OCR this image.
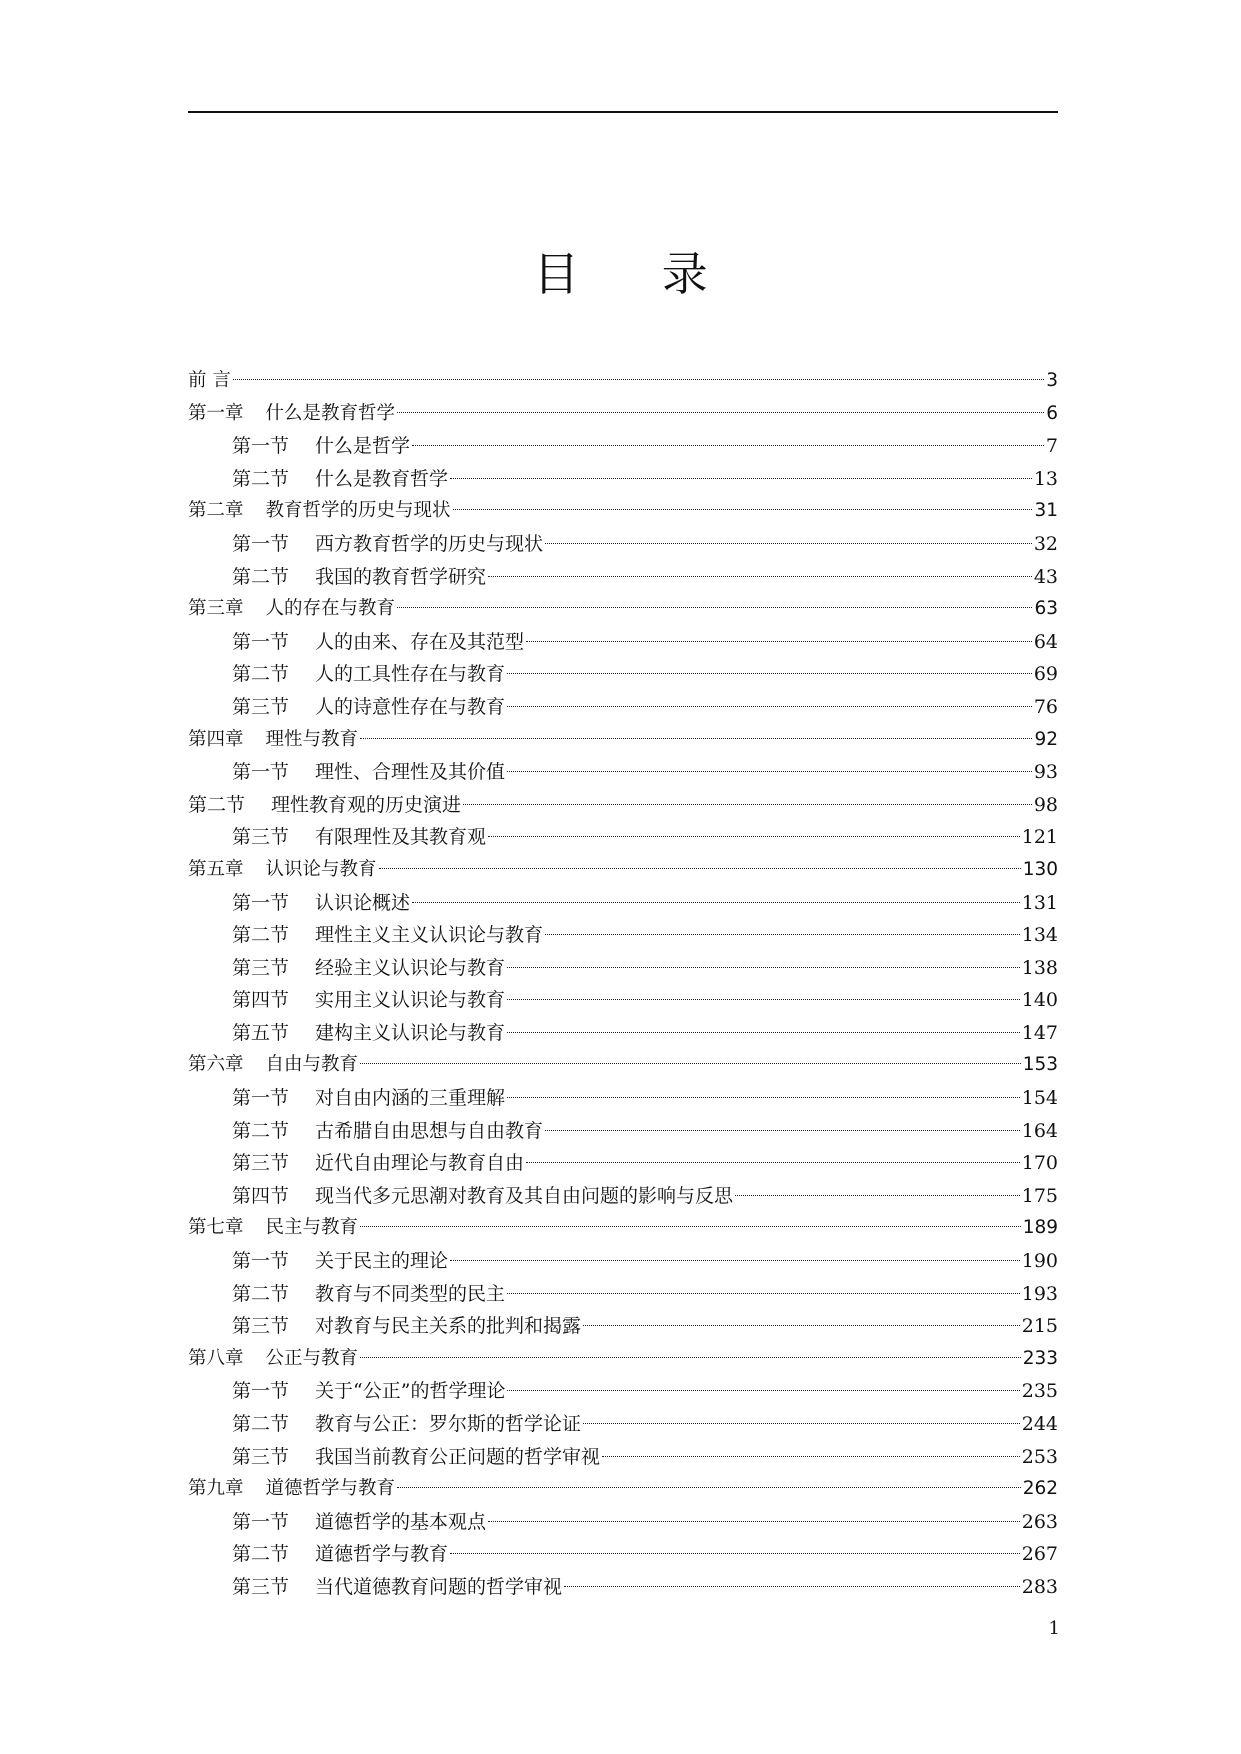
目 录
前 言	3
第一章 什么是教育哲学	6
第一节 什么是哲学	7
第二节 什么是教育哲学	13
第二章 教育哲学的历史与现状	31
第一节 西方教育哲学的历史与现状	32
第二节 我国的教育哲学研究	43
第三章 人的存在与教育	63
第一节 人的由来、存在及其范型	64
第二节 人的工具性存在与教育	69
第三节 人的诗意性存在与教育	76
第四章 理性与教育	92
第一节 理性、合理性及其价值	93
第二节 理性教育观的历史演进	98
第三节 有限理性及其教育观	121
第五章 认识论与教育	130
第一节 认识论概述	131
第二节 理性主义主义认识论与教育	134
第三节 经验主义认识论与教育	138
第四节 实用主义认识论与教育	140
第五节 建构主义认识论与教育	147
第六章 自由与教育	153
第一节 对自由内涵的三重理解	154
第二节 古希腊自由思想与自由教育	164
第三节 近代自由理论与教育自由	170
第四节 现当代多元思潮对教育及其自由问题的影响与反思	175
第七章 民主与教育	189
第一节 关于民主的理论	190
第二节 教育与不同类型的民主	193
第三节 对教育与民主关系的批判和揭露	215
第八章 公正与教育	233
第一节 关于“公正”的哲学理论	235
第二节 教育与公正：罗尔斯的哲学论证	244
第三节 我国当前教育公正问题的哲学审视	253
第九章 道德哲学与教育	262
第一节 道德哲学的基本观点	263
第二节 道德哲学与教育	267
第三节 当代道德教育问题的哲学审视	283
1
